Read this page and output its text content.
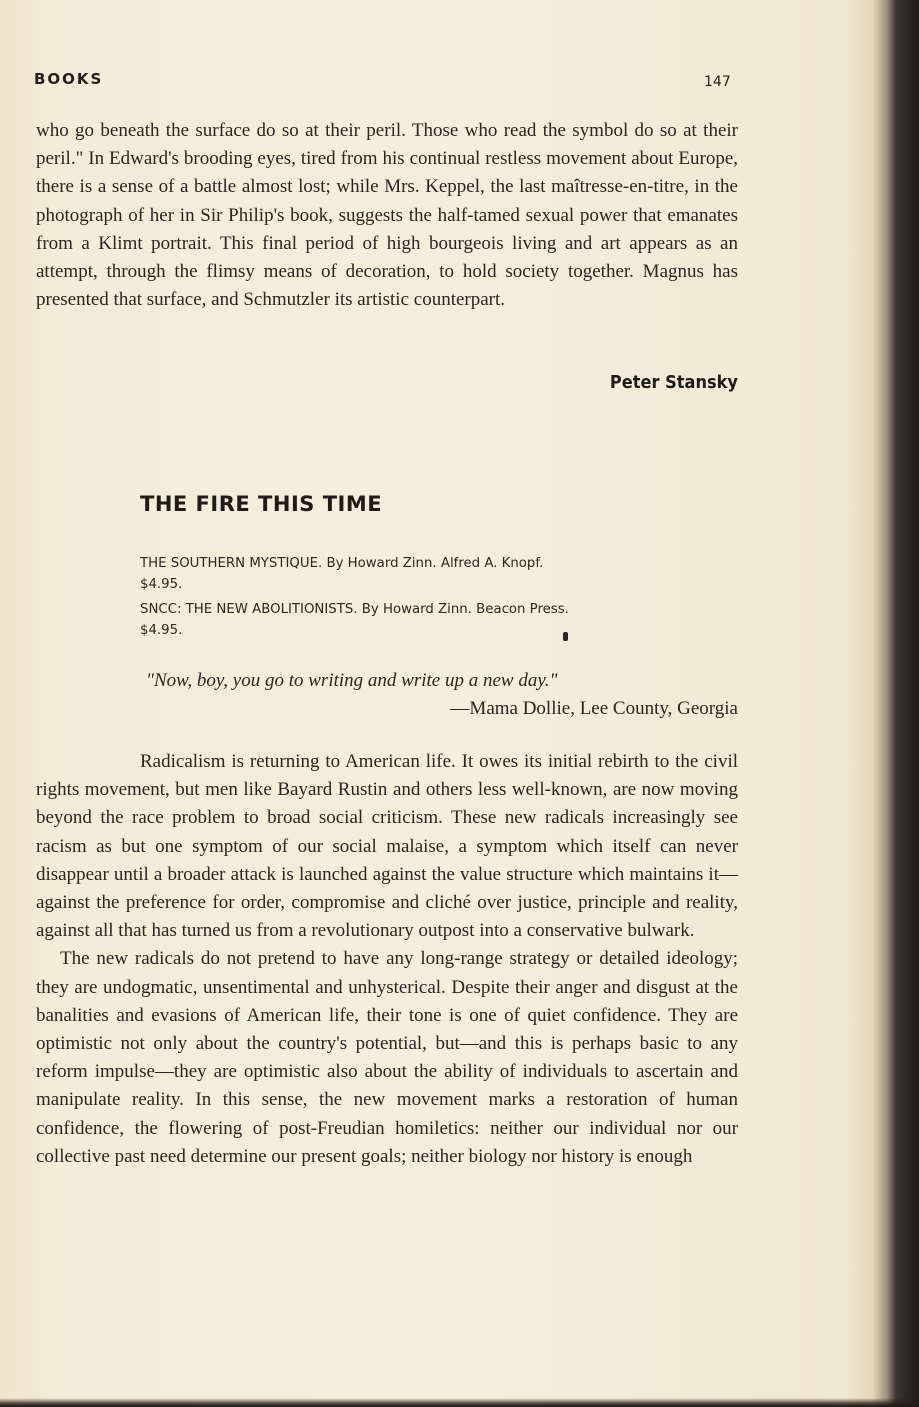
BOOKS	147

who go beneath the surface do so at their peril. Those who read the symbol do so at their peril." In Edward's brooding eyes, tired from his continual restless movement about Europe, there is a sense of a battle almost lost; while Mrs. Keppel, the last maîtresse-en-titre, in the photograph of her in Sir Philip's book, suggests the half-tamed sexual power that emanates from a Klimt portrait. This final period of high bourgeois living and art appears as an attempt, through the flimsy means of decoration, to hold society together. Magnus has presented that surface, and Schmutzler its artistic counterpart.

Peter Stansky
THE FIRE THIS TIME
THE SOUTHERN MYSTIQUE. By Howard Zinn. Alfred A. Knopf.
$4.95.
SNCC: THE NEW ABOLITIONISTS. By Howard Zinn. Beacon Press.
$4.95.
"Now, boy, you go to writing and write up a new day."
—Mama Dollie, Lee County, Georgia

Radicalism is returning to American life. It owes its initial rebirth to the civil rights movement, but men like Bayard Rustin and others less well-known, are now moving beyond the race problem to broad social criticism. These new radicals increasingly see racism as but one symptom of our social malaise, a symptom which itself can never disappear until a broader attack is launched against the value structure which maintains it—against the preference for order, compromise and cliché over justice, principle and reality, against all that has turned us from a revolutionary outpost into a conservative bulwark.

The new radicals do not pretend to have any long-range strategy or detailed ideology; they are undogmatic, unsentimental and unhysterical. Despite their anger and disgust at the banalities and evasions of American life, their tone is one of quiet confidence. They are optimistic not only about the country's potential, but—and this is perhaps basic to any reform impulse—they are optimistic also about the ability of individuals to ascertain and manipulate reality. In this sense, the new movement marks a restoration of human confidence, the flowering of post-Freudian homiletics: neither our individual nor our collective past need determine our present goals; neither biology nor history is enough
